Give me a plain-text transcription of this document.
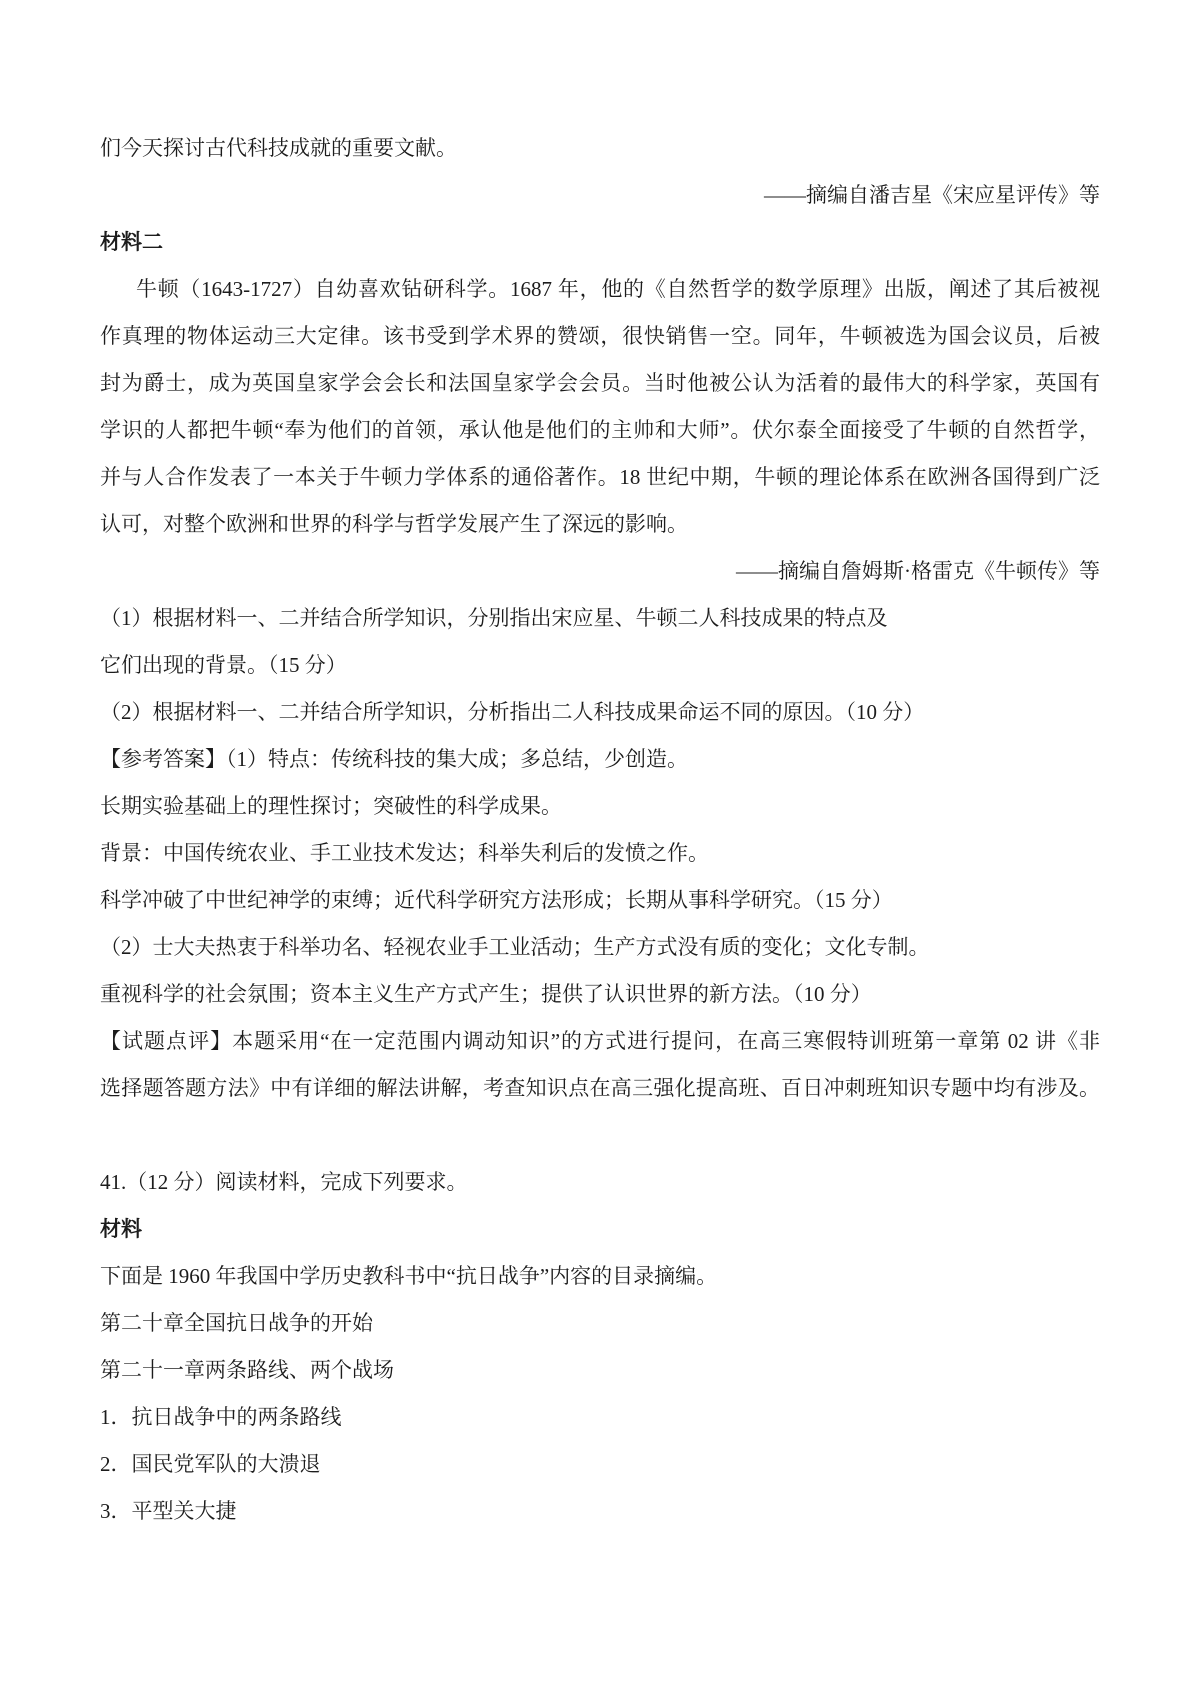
们今天探讨古代科技成就的重要文献。
——摘编自潘吉星《宋应星评传》等
材料二
牛顿（1643-1727）自幼喜欢钻研科学。1687 年，他的《自然哲学的数学原理》出版，阐述了其后被视
作真理的物体运动三大定律。该书受到学术界的赞颂，很快销售一空。同年，牛顿被选为国会议员，后被
封为爵士，成为英国皇家学会会长和法国皇家学会会员。当时他被公认为活着的最伟大的科学家，英国有
学识的人都把牛顿“奉为他们的首领，承认他是他们的主帅和大师”。伏尔泰全面接受了牛顿的自然哲学，
并与人合作发表了一本关于牛顿力学体系的通俗著作。18 世纪中期，牛顿的理论体系在欧洲各国得到广泛
认可，对整个欧洲和世界的科学与哲学发展产生了深远的影响。
——摘编自詹姆斯·格雷克《牛顿传》等
（1）根据材料一、二并结合所学知识，分别指出宋应星、牛顿二人科技成果的特点及
它们出现的背景。（15 分）
（2）根据材料一、二并结合所学知识，分析指出二人科技成果命运不同的原因。（10 分）
【参考答案】（1）特点：传统科技的集大成；多总结，少创造。
长期实验基础上的理性探讨；突破性的科学成果。
背景：中国传统农业、手工业技术发达；科举失利后的发愤之作。
科学冲破了中世纪神学的束缚；近代科学研究方法形成；长期从事科学研究。（15 分）
（2）士大夫热衷于科举功名、轻视农业手工业活动；生产方式没有质的变化；文化专制。
重视科学的社会氛围；资本主义生产方式产生；提供了认识世界的新方法。（10 分）
【试题点评】本题采用“在一定范围内调动知识”的方式进行提问，在高三寒假特训班第一章第 02 讲《非
选择题答题方法》中有详细的解法讲解，考查知识点在高三强化提高班、百日冲刺班知识专题中均有涉及。
41.（12 分）阅读材料，完成下列要求。
材料
下面是 1960 年我国中学历史教科书中“抗日战争”内容的目录摘编。
第二十章全国抗日战争的开始
第二十一章两条路线、两个战场
1．抗日战争中的两条路线
2．国民党军队的大溃退
3．平型关大捷
